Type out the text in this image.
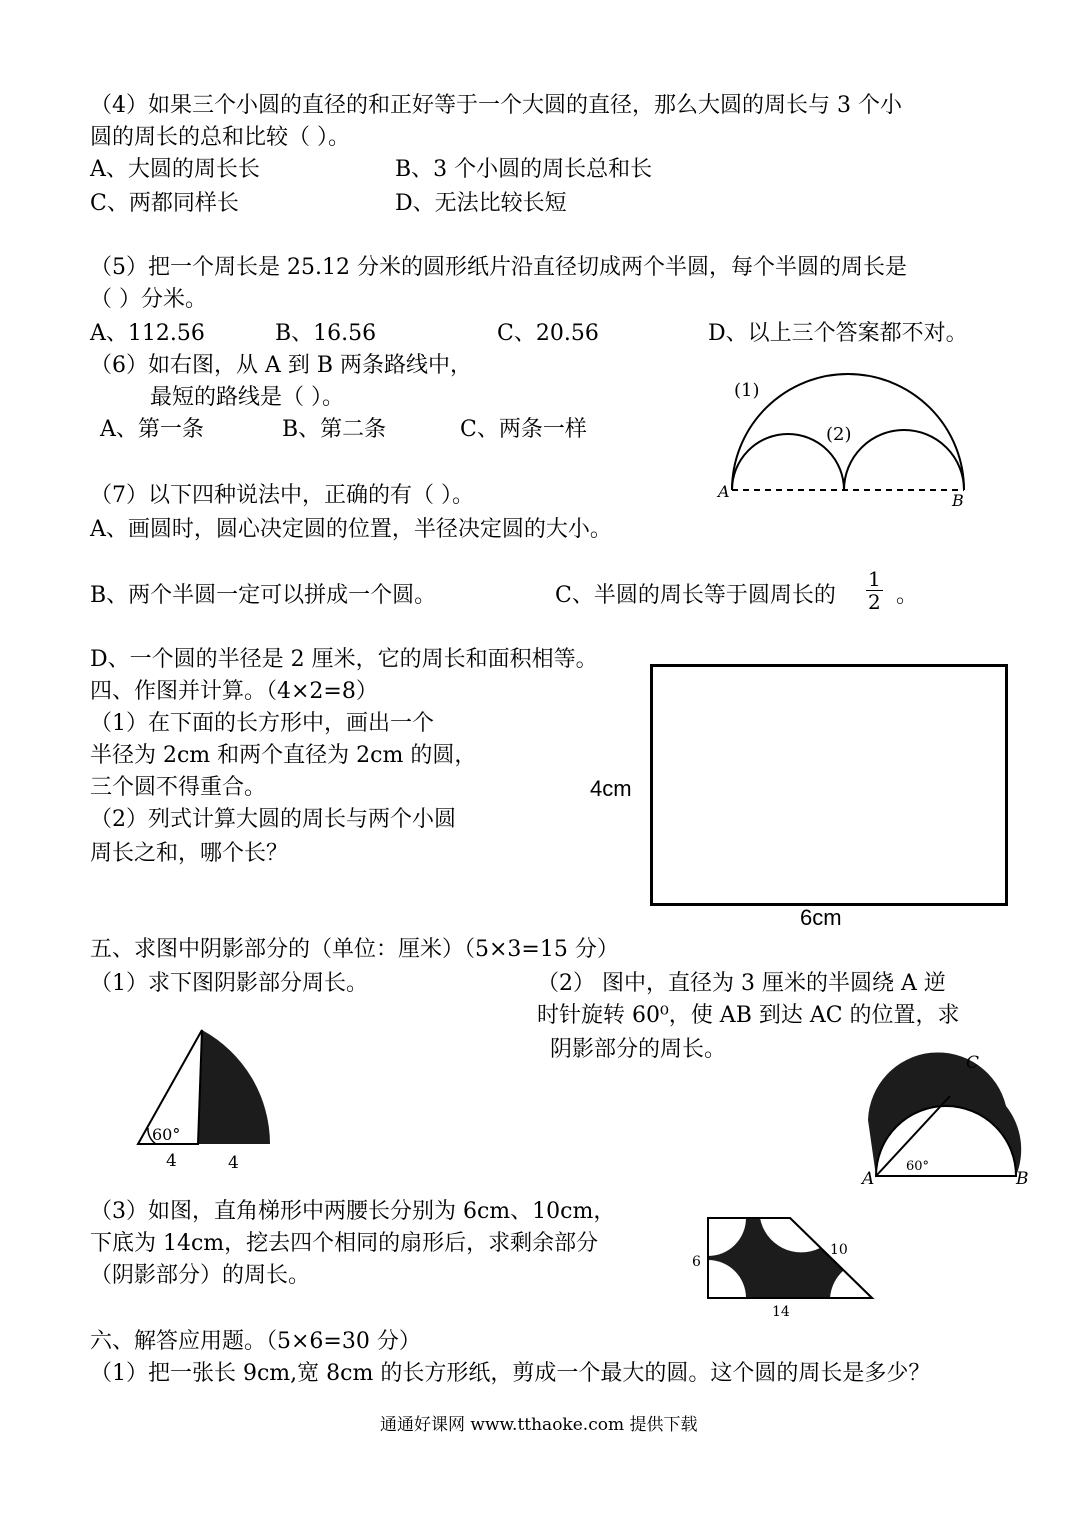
（4）如果三个小圆的直径的和正好等于一个大圆的直径，那么大圆的周长与 3 个小
圆的周长的总和比较（ ）。
A、大圆的周长长	B、3 个小圆的周长总和长
C、两都同样长	D、无法比较长短
（5）把一个周长是 25.12 分米的圆形纸片沿直径切成两个半圆，每个半圆的周长是
（ ）分米。
A、112.56	B、16.56	C、20.56	D、以上三个答案都不对。
（6）如右图，从 A 到 B 两条路线中，
最短的路线是（ ）。
A、第一条	B、第二条	C、两条一样
(1)
(2)
A	B
（7）以下四种说法中，正确的有（ ）。
A、画圆时，圆心决定圆的位置，半径决定圆的大小。
B、两个半圆一定可以拼成一个圆。	C、半圆的周长等于圆周长的 $\frac{1}{2}$ 。
D、一个圆的半径是 2 厘米，它的周长和面积相等。
四、作图并计算。（4×2=8）
（1）在下面的长方形中，画出一个
半径为 2cm 和两个直径为 2cm 的圆，
三个圆不得重合。
（2）列式计算大圆的周长与两个小圆
周长之和，哪个长？
4cm
6cm
五、求图中阴影部分的（单位：厘米）（5×3=15 分）
（1）求下图阴影部分周长。	（2） 图中，直径为 3 厘米的半圆绕 A 逆
时针旋转 60⁰，使 AB 到达 AC 的位置，求
阴影部分的周长。
60°
4	4
C
A	B
60°
（3）如图，直角梯形中两腰长分别为 6cm、10cm，
下底为 14cm，挖去四个相同的扇形后，求剩余部分
（阴影部分）的周长。
6
10
14
六、解答应用题。（5×6=30 分）
（1）把一张长 9cm,宽 8cm 的长方形纸，剪成一个最大的圆。这个圆的周长是多少？
通通好课网 www.tthaoke.com 提供下载
